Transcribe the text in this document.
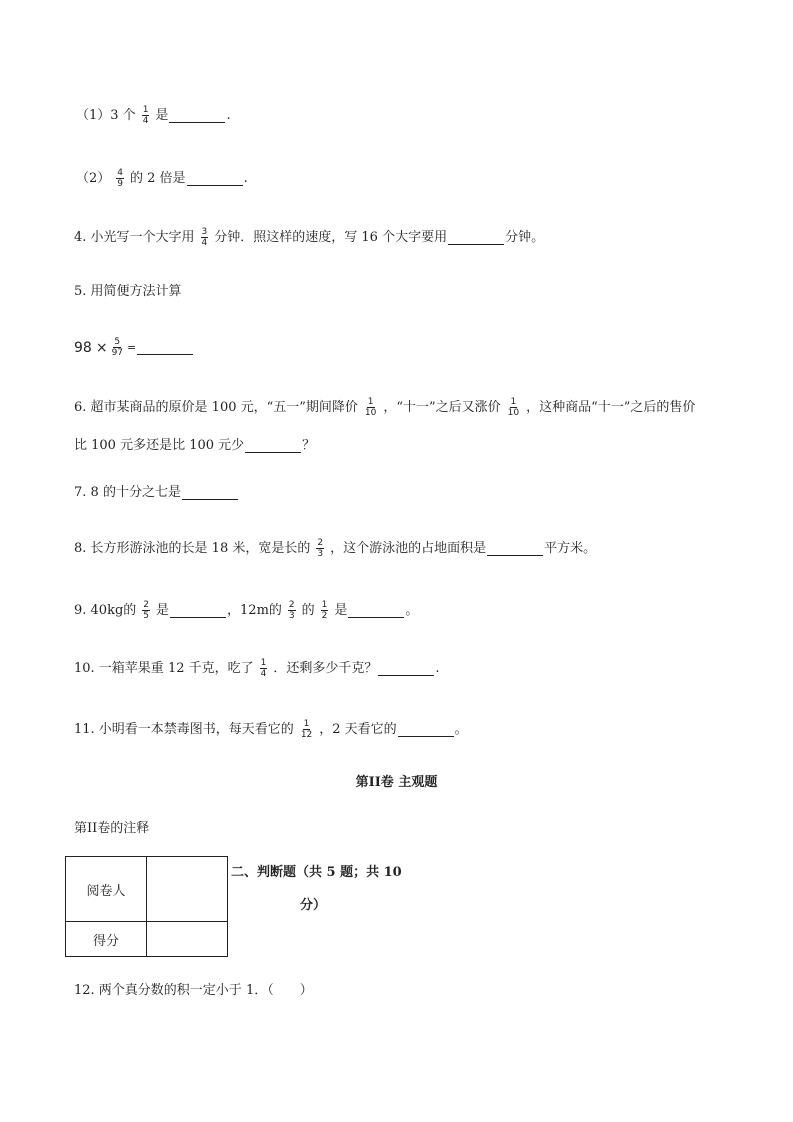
（1）3 个 $\frac{1}{4}$ 是	.
$(2) \frac{4}{9}$ 的 2 倍是	.
4. 小光写一个大字用 $\frac{3}{4}$ 分钟．照这样的速度，写 16 个大字要用	分钟。
5. 用简便方法计算
$98 \times \frac{5}{97}$ =
6. 超市某商品的原价是 100 元，“五一”期间降价 $\frac{1}{10}$ ，“十一”之后又涨价 $\frac{1}{10}$ ，这种商品“十一”之后的售价
比 100 元多还是比 100 元少	？
7. 8 的十分之七是
8. 长方形游泳池的长是 18 米，宽是长的 $\frac{2}{3}$ ，这个游泳池的占地面积是	平方米。
9. 40kg的 $\frac{2}{5}$ 是	，12m的 $\frac{2}{3}$ 的 $\frac{1}{2}$ 是	。
10. 一箱苹果重 12 千克，吃了 $\frac{1}{4}$ ．还剩多少千克？	.
11. 小明看一本禁毒图书，每天看它的 $\frac{1}{12}$ ，2 天看它的	。
第II卷 主观题
第II卷的注释
阅卷人	
得分	
二、判断题（共 5 题；共 10
分）
12. 两个真分数的积一定小于 1．（　　）
